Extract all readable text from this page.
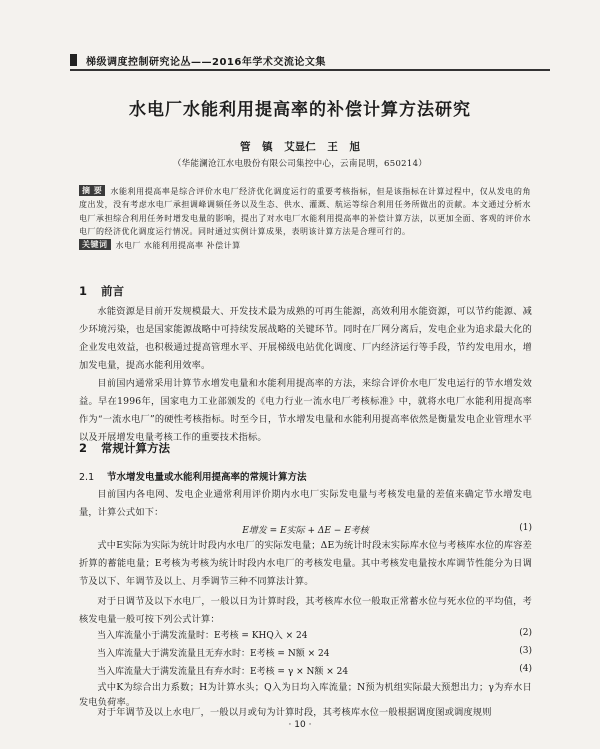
梯级调度控制研究论丛——2016年学术交流论文集
水电厂水能利用提高率的补偿计算方法研究
管 镇 艾显仁 王 旭
（华能澜沧江水电股份有限公司集控中心，云南昆明，650214）
摘 要 水能利用提高率是综合评价水电厂经济优化调度运行的重要考核指标，但是该指标在计算过程中，仅从发电的角度出发，没有考虑水电厂承担调峰调频任务以及生态、供水、灌溉、航运等综合利用任务所做出的贡献。本文通过分析水电厂承担综合利用任务时增发电量的影响，提出了对水电厂水能利用提高率的补偿计算方法，以更加全面、客观的评价水电厂的经济优化调度运行情况。同时通过实例计算成果，表明该计算方法是合理可行的。
关键词 水电厂 水能利用提高率 补偿计算
1 前言
水能资源是目前开发规模最大、开发技术最为成熟的可再生能源，高效利用水能资源，可以节约能源、减少环境污染，也是国家能源战略中可持续发展战略的关键环节。同时在厂网分离后，发电企业为追求最大化的企业发电效益，也积极通过提高管理水平、开展梯级电站优化调度、厂内经济运行等手段，节约发电用水，增加发电量，提高水能利用效率。
目前国内通常采用计算节水增发电量和水能利用提高率的方法，来综合评价水电厂发电运行的节水增发效益。早在1996年，国家电力工业部颁发的《电力行业一流水电厂考核标准》中，就将水电厂水能利用提高率作为“一流水电厂”的硬性考核指标。时至今日，节水增发电量和水能利用提高率依然是衡量发电企业管理水平以及开展增发电量考核工作的重要技术指标。
2 常规计算方法
2.1 节水增发电量或水能利用提高率的常规计算方法
目前国内各电网、发电企业通常利用评价期内水电厂实际发电量与考核发电量的差值来确定节水增发电量，计算公式如下：
E增发 = E实际 + ΔE − E考核	(1)
式中E实际为实际为统计时段内水电厂的实际发电量；ΔE为统计时段末实际库水位与考核库水位的库容差折算的蓄能电量；E考核为考核为统计时段内水电厂的考核发电量。其中考核发电量按水库调节性能分为日调节及以下、年调节及以上、月季调节三种不同算法计算。
对于日调节及以下水电厂，一般以日为计算时段，其考核库水位一般取正常蓄水位与死水位的平均值，考核发电量一般可按下列公式计算：
当入库流量小于满发流量时：E考核 = KHQ入 × 24	(2)
当入库流量大于满发流量且无弃水时：E考核 = N额 × 24	(3)
当入库流量大于满发流量且有弃水时：E考核 = γ × N额 × 24	(4)
式中K为综合出力系数；H为计算水头；Q入为日均入库流量；N预为机组实际最大预想出力；γ为弃水日发电负荷率。
对于年调节及以上水电厂，一般以月或旬为计算时段，其考核库水位一般根据调度图或调度规则
· 10 ·
